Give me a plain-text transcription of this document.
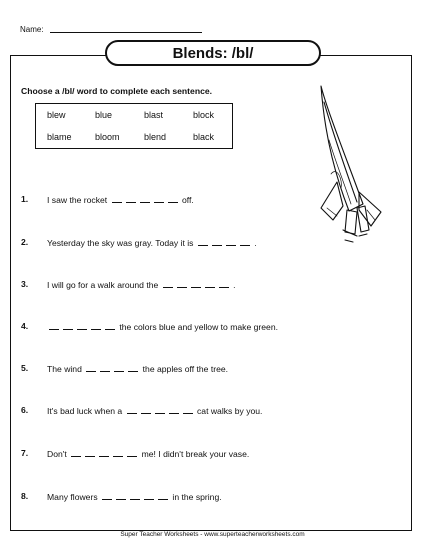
Name:
Blends: /bl/
Choose a /bl/ word to complete each sentence.
blew	blue	blast	block
blame	bloom	blend	black
1.	I saw the rocket	off.
2.	Yesterday the sky was gray. Today it is	.
3.	I will go for a walk around the	.
4.	the colors blue and yellow to make green.
5.	The wind	the apples off the tree.
6.	It's bad luck when a	cat walks by you.
7.	Don't	me! I didn't break your vase.
8.	Many flowers	in the spring.
Super Teacher Worksheets - www.superteacherworksheets.com
